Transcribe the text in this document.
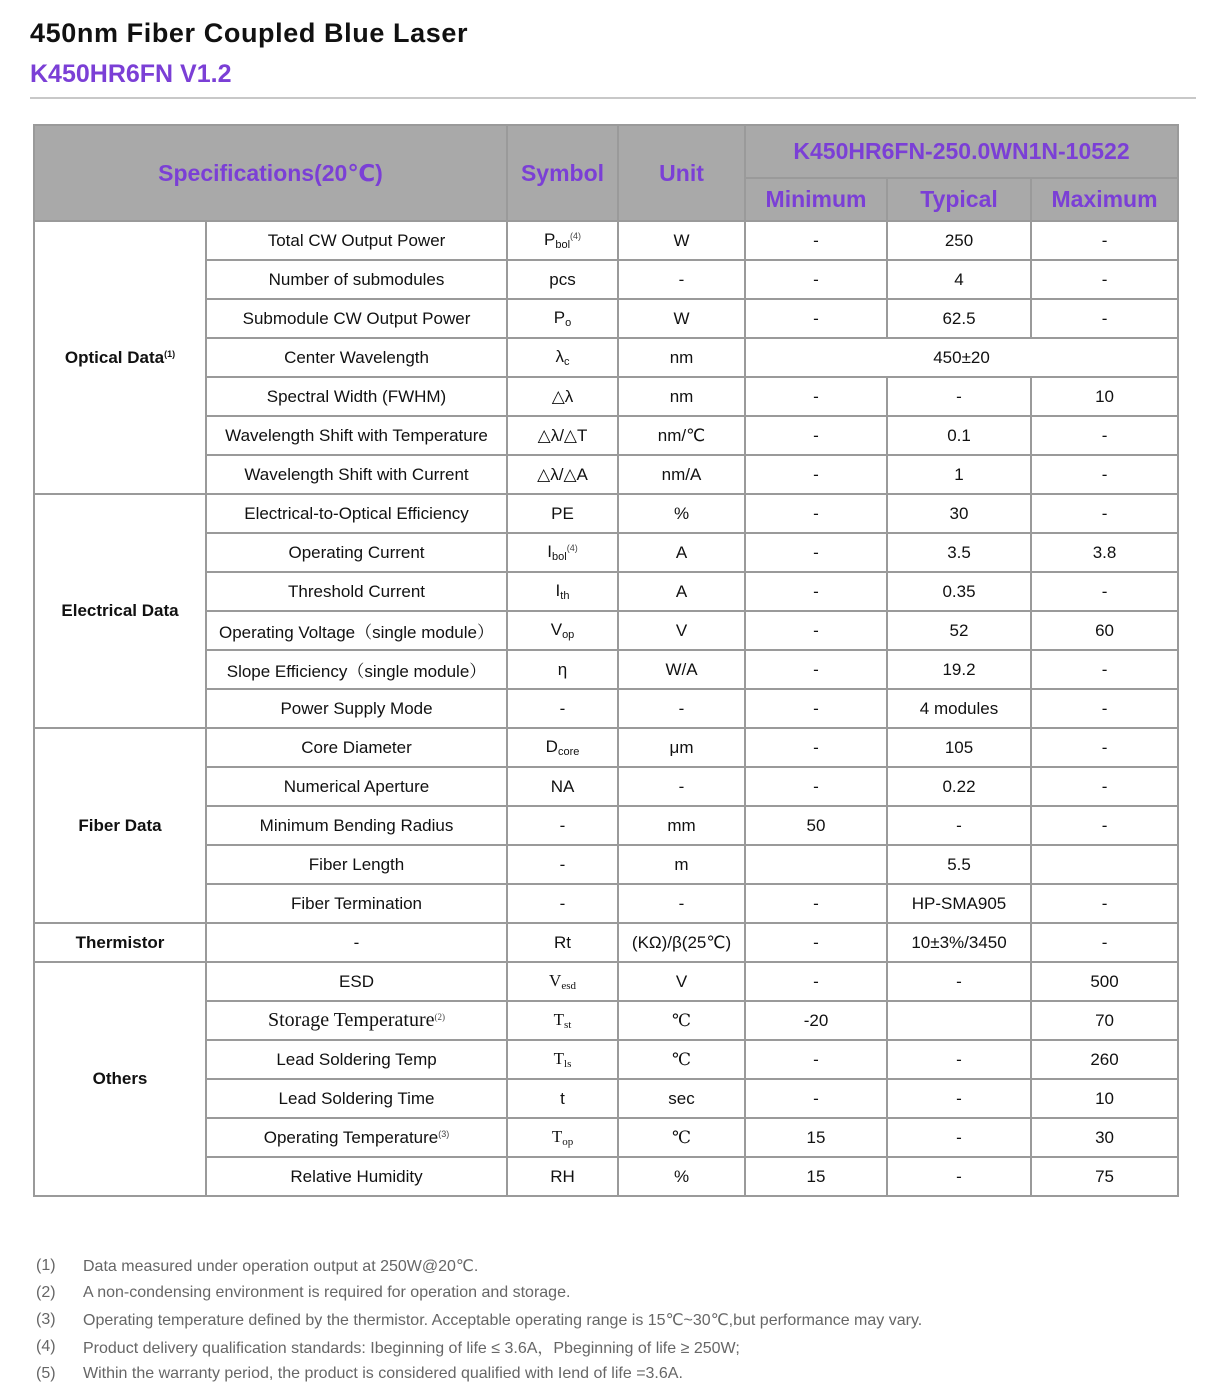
450nm Fiber Coupled Blue Laser
K450HR6FN V1.2
Specifications(20℃)		Symbol	Unit	K450HR6FN-250.0WN1N-10522		
				Minimum	Typical	Maximum
Optical Data$^{(1)}$	Total CW Output Power	$P_{bol}^{(4)}$	W	-	250	-
	Number of submodules	pcs	-	-	4	-
	Submodule CW Output Power	$P_o$	W	-	62.5	-
	Center Wavelength	$\lambda_c$	nm	450±20		
	Spectral Width (FWHM)	△λ	nm	-	-	10
	Wavelength Shift with Temperature	△λ/△T	nm/℃	-	0.1	-
	Wavelength Shift with Current	△λ/△A	nm/A	-	1	-
Electrical Data	Electrical-to-Optical Efficiency	PE	%	-	30	-
	Operating Current	$I_{bol}^{(4)}$	A	-	3.5	3.8
	Threshold Current	$I_{th}$	A	-	0.35	-
	Operating Voltage（single module）	$V_{op}$	V	-	52	60
	Slope Efficiency（single module）	η	W/A	-	19.2	-
	Power Supply Mode	-	-	-	4 modules	-
Fiber Data	Core Diameter	$D_{core}$	μm	-	105	-
	Numerical Aperture	NA	-	-	0.22	-
	Minimum Bending Radius	-	mm	50	-	-
	Fiber Length	-	m		5.5	
	Fiber Termination	-	-	-	HP-SMA905	-
Thermistor	-	Rt	(KΩ)/β(25℃)	-	10±3%/3450	-
Others	ESD	$V_{esd}$	V	-	-	500
	Storage Temperature$^{(2)}$	$T_{st}$	℃	-20		70
	Lead Soldering Temp	$T_{ls}$	℃	-	-	260
	Lead Soldering Time	t	sec	-	-	10
	Operating Temperature$^{(3)}$	$T_{op}$	℃	15	-	30
	Relative Humidity	RH	%	15	-	75
(1)	Data measured under operation output at 250W@20℃.
(2)	A non-condensing environment is required for operation and storage.
(3)	Operating temperature defined by the thermistor. Acceptable operating range is 15℃~30℃,but performance may vary.
(4)	Product delivery qualification standards: Ibeginning of life ≤ 3.6A，Pbeginning of life ≥ 250W;
(5)	Within the warranty period, the product is considered qualified with Iend of life =3.6A.
